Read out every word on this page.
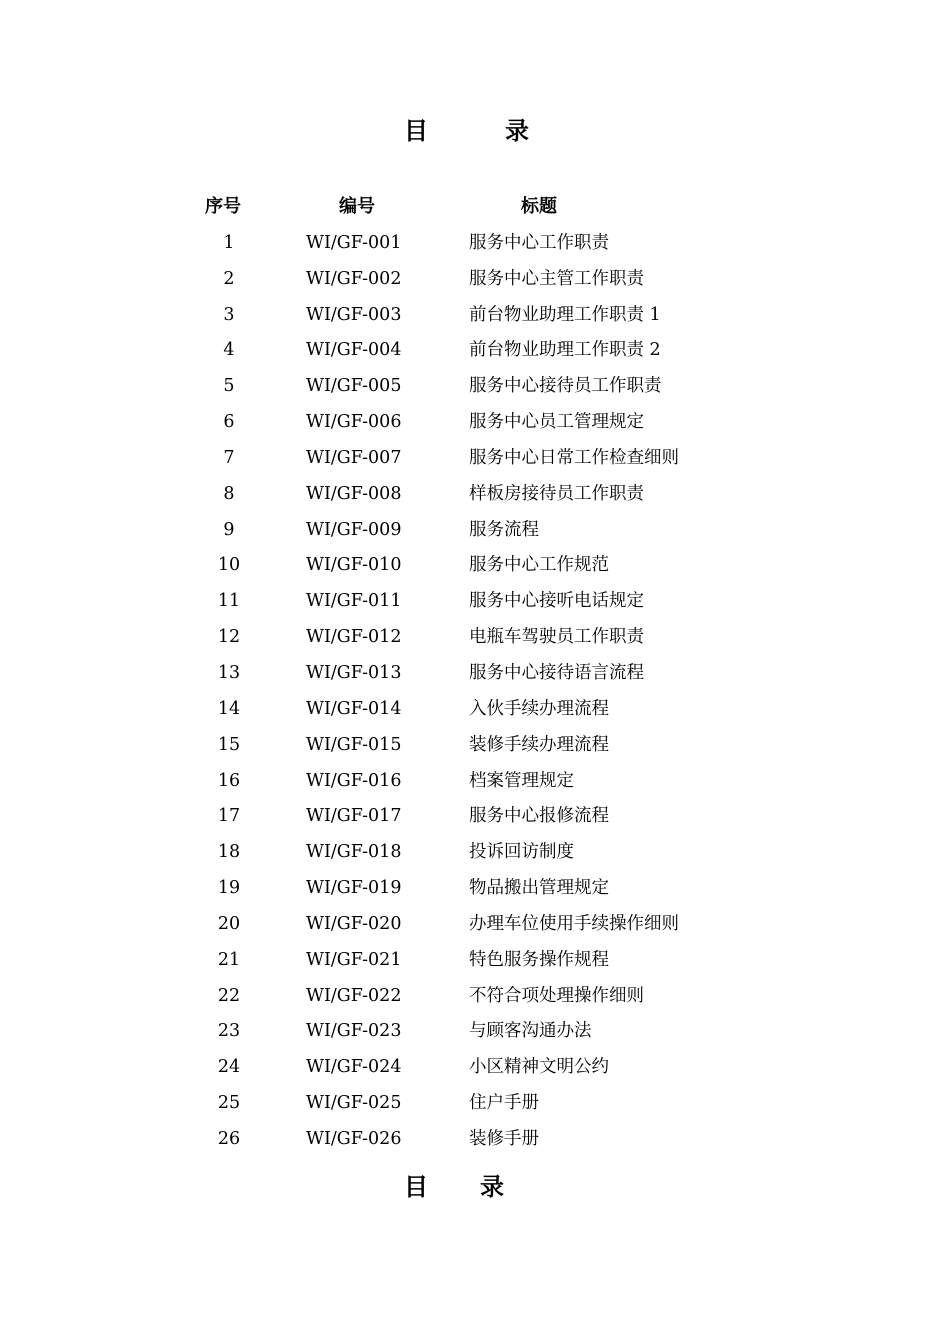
目	录
序号	编号	标题
1	WI/GF-001	服务中心工作职责
2	WI/GF-002	服务中心主管工作职责
3	WI/GF-003	前台物业助理工作职责 1
4	WI/GF-004	前台物业助理工作职责 2
5	WI/GF-005	服务中心接待员工作职责
6	WI/GF-006	服务中心员工管理规定
7	WI/GF-007	服务中心日常工作检查细则
8	WI/GF-008	样板房接待员工作职责
9	WI/GF-009	服务流程
10	WI/GF-010	服务中心工作规范
11	WI/GF-011	服务中心接听电话规定
12	WI/GF-012	电瓶车驾驶员工作职责
13	WI/GF-013	服务中心接待语言流程
14	WI/GF-014	入伙手续办理流程
15	WI/GF-015	装修手续办理流程
16	WI/GF-016	档案管理规定
17	WI/GF-017	服务中心报修流程
18	WI/GF-018	投诉回访制度
19	WI/GF-019	物品搬出管理规定
20	WI/GF-020	办理车位使用手续操作细则
21	WI/GF-021	特色服务操作规程
22	WI/GF-022	不符合项处理操作细则
23	WI/GF-023	与顾客沟通办法
24	WI/GF-024	小区精神文明公约
25	WI/GF-025	住户手册
26	WI/GF-026	装修手册
目 录
